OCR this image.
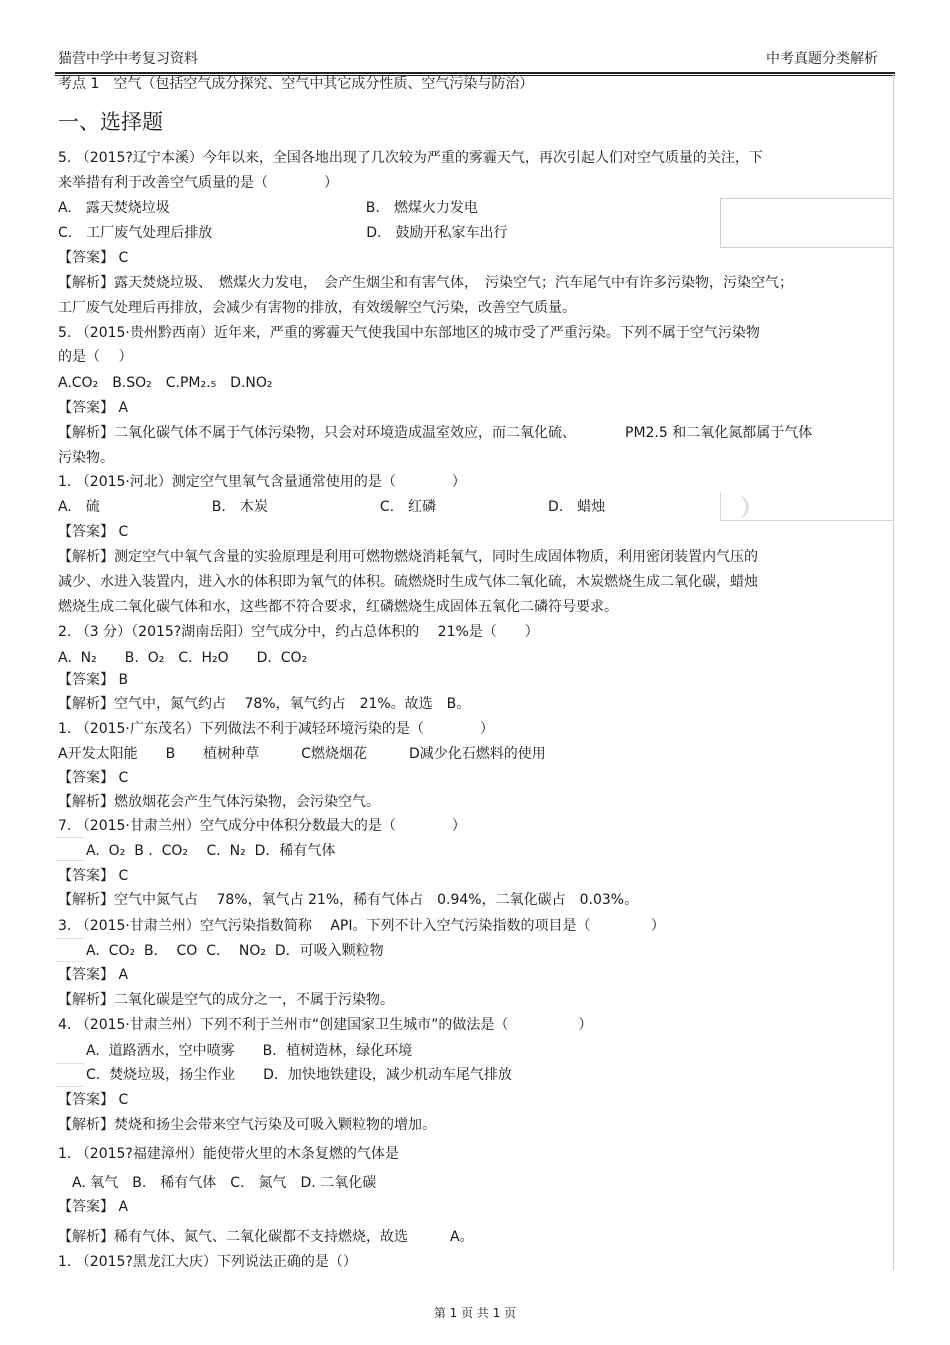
猫营中学中考复习资料	中考真题分类解析
考点 1　空气（包括空气成分探究、空气中其它成分性质、空气污染与防治）
一、选择题
5. （2015?辽宁本溪）今年以来，全国各地出现了几次较为严重的雾霾天气，再次引起人们对空气质量的关注，下
来举措有利于改善空气质量的是（　　　　）
A.　露天焚烧垃圾　　　　　　　　　　　　　　B.　燃煤火力发电
C.　工厂废气处理后排放　　　　　　　　　　　D.　鼓励开私家车出行
【答案】 C
【解析】露天焚烧垃圾、　燃煤火力发电，　会产生烟尘和有害气体，　污染空气；汽车尾气中有许多污染物，污染空气；
工厂废气处理后再排放，会减少有害物的排放，有效缓解空气污染，改善空气质量。
5. （2015·贵州黔西南）近年来，严重的雾霾天气使我国中东部地区的城市受了严重污染。下列不属于空气污染物
的是（　 ）
A.CO₂　B.SO₂　C.PM₂.₅　D.NO₂
【答案】 A
【解析】二氧化碳气体不属于气体污染物，只会对环境造成温室效应，而二氧化硫、　　　　PM2.5 和二氧化氮都属于气体
污染物。
1. （2015·河北）测定空气里氧气含量通常使用的是（　　　　）
A.　硫　　　　　　　　B.　木炭　　　　　　　　C.　红磷　　　　　　　　D.　蜡烛
【答案】 C
【解析】测定空气中氧气含量的实验原理是利用可燃物燃烧消耗氧气，同时生成固体物质，利用密闭装置内气压的
减少、水进入装置内，进入水的体积即为氧气的体积。硫燃烧时生成气体二氧化硫，木炭燃烧生成二氧化碳，蜡烛
燃烧生成二氧化碳气体和水，这些都不符合要求，红磷燃烧生成固体五氧化二磷符号要求。
2. （3 分）（2015?湖南岳阳）空气成分中，约占总体积的　 21%是（　　）
A.  N₂　　B.  O₂　C.  H₂O　　D.  CO₂
【答案】 B
【解析】空气中，氮气约占　 78%，氧气约占　21%。故选　B。
1. （2015·广东茂名）下列做法不利于减轻环境污染的是（　　　　）
A开发太阳能　　B　　植树种草　　　C燃烧烟花　　　D减少化石燃料的使用
【答案】 C
【解析】燃放烟花会产生气体污染物，会污染空气。
7. （2015·甘肃兰州）空气成分中体积分数最大的是（　　　　）
　　A.  O₂  B .  CO₂　 C.  N₂  D．稀有气体
【答案】 C
【解析】空气中氮气占　 78%，氧气占 21%，稀有气体占　0.94%，二氧化碳占　0.03%。
3. （2015·甘肃兰州）空气污染指数简称　 API。下列不计入空气污染指数的项目是（　　　　 ）
　　A.  CO₂  B．  CO  C．  NO₂  D．可吸入颗粒物
【答案】 A
【解析】二氧化碳是空气的成分之一，不属于污染物。
4. （2015·甘肃兰州）下列不利于兰州市“创建国家卫生城市”的做法是（　　　　　）
　　A.  道路洒水，空中喷雾　　B．植树造林，绿化环境
　　C.  焚烧垃圾，扬尘作业　　D．加快地铁建设，减少机动车尾气排放
【答案】 C
【解析】焚烧和扬尘会带来空气污染及可吸入颗粒物的增加。
1. （2015?福建漳州）能使带火里的木条复燃的气体是
　A. 氧气　B.　稀有气体　C.　氮气　D. 二氧化碳
【答案】 A
【解析】稀有气体、氮气、二氧化碳都不支持燃烧，故选　　　A。
1. （2015?黑龙江大庆）下列说法正确的是（）
第 1 页 共 1 页
